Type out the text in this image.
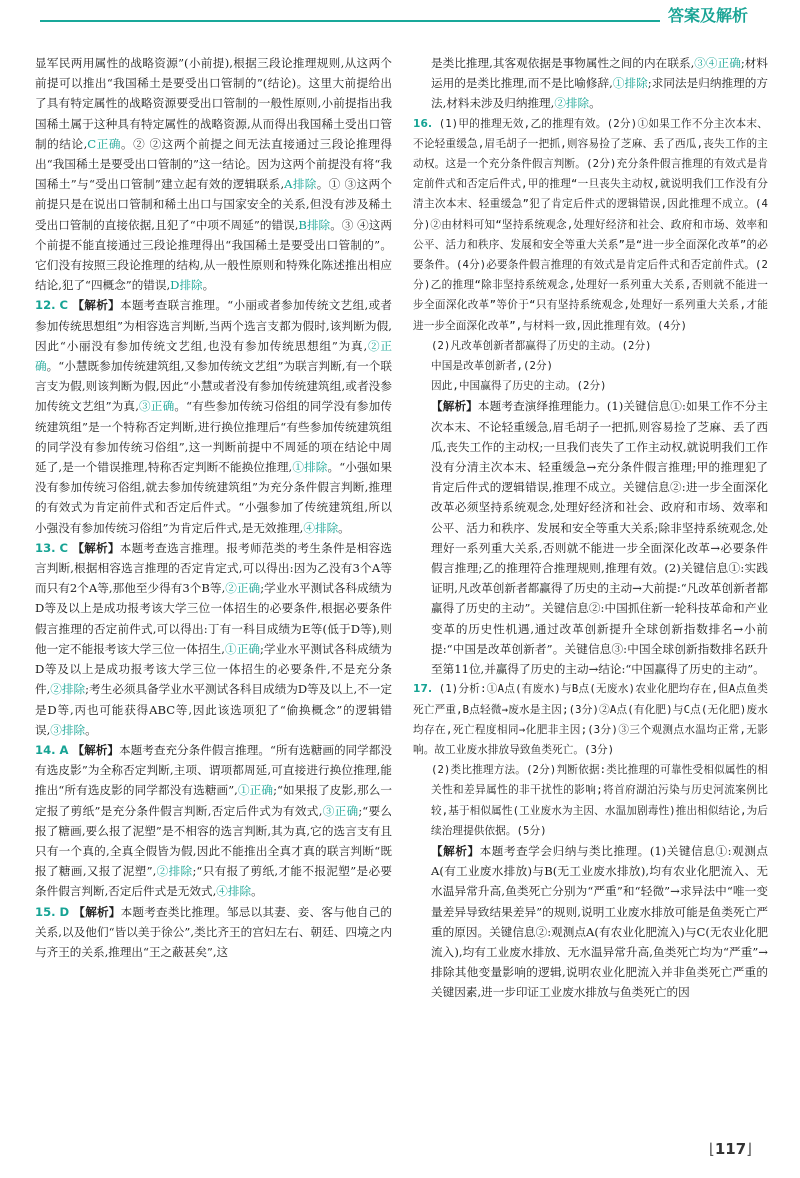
答案及解析

显军民两用属性的战略资源”(小前提),根据三段论推理规则,从这两个前提可以推出“我国稀土是要受出口管制的”(结论)。这里大前提给出了具有特定属性的战略资源要受出口管制的一般性原则,小前提指出我国稀土属于这种具有特定属性的战略资源,从而得出我国稀土受出口管制的结论,C正确。② ②这两个前提之间无法直接通过三段论推理得出“我国稀土是要受出口管制的”这一结论。因为这两个前提没有将“我国稀土”与“受出口管制”建立起有效的逻辑联系,A排除。① ③这两个前提只是在说出口管制和稀土出口与国家安全的关系,但没有涉及稀土受出口管制的直接依据,且犯了“中项不周延”的错误,B排除。③ ④这两个前提不能直接通过三段论推理得出“我国稀土是要受出口管制的”。它们没有按照三段论推理的结构,从一般性原则和特殊化陈述推出相应结论,犯了“四概念”的错误,D排除。

12. C 【解析】本题考查联言推理。“小丽或者参加传统文艺组,或者参加传统思想组”为相容选言判断,当两个选言支都为假时,该判断为假,因此“小丽没有参加传统文艺组,也没有参加传统思想组”为真,②正确。“小慧既参加传统建筑组,又参加传统文艺组”为联言判断,有一个联言支为假,则该判断为假,因此“小慧或者没有参加传统建筑组,或者没参加传统文艺组”为真,③正确。“有些参加传统习俗组的同学没有参加传统建筑组”是一个特称否定判断,进行换位推理后“有些参加传统建筑组的同学没有参加传统习俗组”,这一判断前提中不周延的项在结论中周延了,是一个错误推理,特称否定判断不能换位推理,①排除。“小强如果没有参加传统习俗组,就去参加传统建筑组”为充分条件假言判断,推理的有效式为肯定前件式和否定后件式。“小强参加了传统建筑组,所以小强没有参加传统习俗组”为肯定后件式,是无效推理,④排除。

13. C 【解析】本题考查选言推理。报考师范类的考生条件是相容选言判断,根据相容选言推理的否定肯定式,可以得出:因为乙没有3个A等而只有2个A等,那他至少得有3个B等,②正确;学业水平测试各科成绩为D等及以上是成功报考该大学三位一体招生的必要条件,根据必要条件假言推理的否定前件式,可以得出:丁有一科目成绩为E等(低于D等),则他一定不能报考该大学三位一体招生,①正确;学业水平测试各科成绩为D等及以上是成功报考该大学三位一体招生的必要条件,不是充分条件,②排除;考生必须具备学业水平测试各科目成绩为D等及以上,不一定是D等,丙也可能获得ABC等,因此该选项犯了“偷换概念”的逻辑错误,③排除。

14. A 【解析】本题考查充分条件假言推理。“所有选糖画的同学都没有选皮影”为全称否定判断,主项、谓项都周延,可直接进行换位推理,能推出“所有选皮影的同学都没有选糖画”,①正确;“如果报了皮影,那么一定报了剪纸”是充分条件假言判断,否定后件式为有效式,③正确;“要么报了糖画,要么报了泥塑”是不相容的选言判断,其为真,它的选言支有且只有一个真的,全真全假皆为假,因此不能推出全真才真的联言判断“既报了糖画,又报了泥塑”,②排除;“只有报了剪纸,才能不报泥塑”是必要条件假言判断,否定后件式是无效式,④排除。

15. D 【解析】本题考查类比推理。邹忌以其妻、妾、客与他自己的关系,以及他们“皆以美于徐公”,类比齐王的宫妇左右、朝廷、四境之内与齐王的关系,推理出“王之蔽甚矣”,这

是类比推理,其客观依据是事物属性之间的内在联系,③④正确;材料运用的是类比推理,而不是比喻修辞,①排除;求同法是归纳推理的方法,材料未涉及归纳推理,②排除。

16. (1)甲的推理无效,乙的推理有效。(2分)①如果工作不分主次本末、不论轻重缓急,眉毛胡子一把抓,则容易捡了芝麻、丢了西瓜,丧失工作的主动权。这是一个充分条件假言判断。(2分)充分条件假言推理的有效式是肯定前件式和否定后件式,甲的推理“一旦丧失主动权,就说明我们工作没有分清主次本末、轻重缓急”犯了肯定后件式的逻辑错误,因此推理不成立。(4分)②由材料可知“坚持系统观念,处理好经济和社会、政府和市场、效率和公平、活力和秩序、发展和安全等重大关系”是“进一步全面深化改革”的必要条件。(4分)必要条件假言推理的有效式是肯定后件式和否定前件式。(2分)乙的推理“除非坚持系统观念,处理好一系列重大关系,否则就不能进一步全面深化改革”等价于“只有坚持系统观念,处理好一系列重大关系,才能进一步全面深化改革”,与材料一致,因此推理有效。(4分)

(2)凡改革创新者都赢得了历史的主动。(2分)

中国是改革创新者,(2分)

因此,中国赢得了历史的主动。(2分)

【解析】本题考查演绎推理能力。(1)关键信息①:如果工作不分主次本末、不论轻重缓急,眉毛胡子一把抓,则容易捡了芝麻、丢了西瓜,丧失工作的主动权;一旦我们丧失了工作主动权,就说明我们工作没有分清主次本末、轻重缓急→充分条件假言推理;甲的推理犯了肯定后件式的逻辑错误,推理不成立。关键信息②:进一步全面深化改革必须坚持系统观念,处理好经济和社会、政府和市场、效率和公平、活力和秩序、发展和安全等重大关系;除非坚持系统观念,处理好一系列重大关系,否则就不能进一步全面深化改革→必要条件假言推理;乙的推理符合推理规则,推理有效。(2)关键信息①:实践证明,凡改革创新者都赢得了历史的主动→大前提:“凡改革创新者都赢得了历史的主动”。关键信息②:中国抓住新一轮科技革命和产业变革的历史性机遇,通过改革创新提升全球创新指数排名→小前提:“中国是改革创新者”。关键信息③:中国全球创新指数排名跃升至第11位,并赢得了历史的主动→结论:“中国赢得了历史的主动”。

17. (1)分析:①A点(有废水)与B点(无废水)农业化肥均存在,但A点鱼类死亡严重,B点轻微→废水是主因;(3分)②A点(有化肥)与C点(无化肥)废水均存在,死亡程度相同→化肥非主因;(3分)③三个观测点水温均正常,无影响。故工业废水排放导致鱼类死亡。(3分)

(2)类比推理方法。(2分)判断依据:类比推理的可靠性受相似属性的相关性和差异属性的非干扰性的影响;将首府湖泊污染与历史河流案例比较,基于相似属性(工业废水为主因、水温加剧毒性)推出相似结论,为后续治理提供依据。(5分)

【解析】本题考查学会归纳与类比推理。(1)关键信息①:观测点A(有工业废水排放)与B(无工业废水排放),均有农业化肥流入、无水温异常升高,鱼类死亡分别为“严重”和“轻微”→求异法中“唯一变量差异导致结果差异”的规则,说明工业废水排放可能是鱼类死亡严重的原因。关键信息②:观测点A(有农业化肥流入)与C(无农业化肥流入),均有工业废水排放、无水温异常升高,鱼类死亡均为“严重”→排除其他变量影响的逻辑,说明农业化肥流入并非鱼类死亡严重的关键因素,进一步印证工业废水排放与鱼类死亡的因

⌊ 117 ⌋
